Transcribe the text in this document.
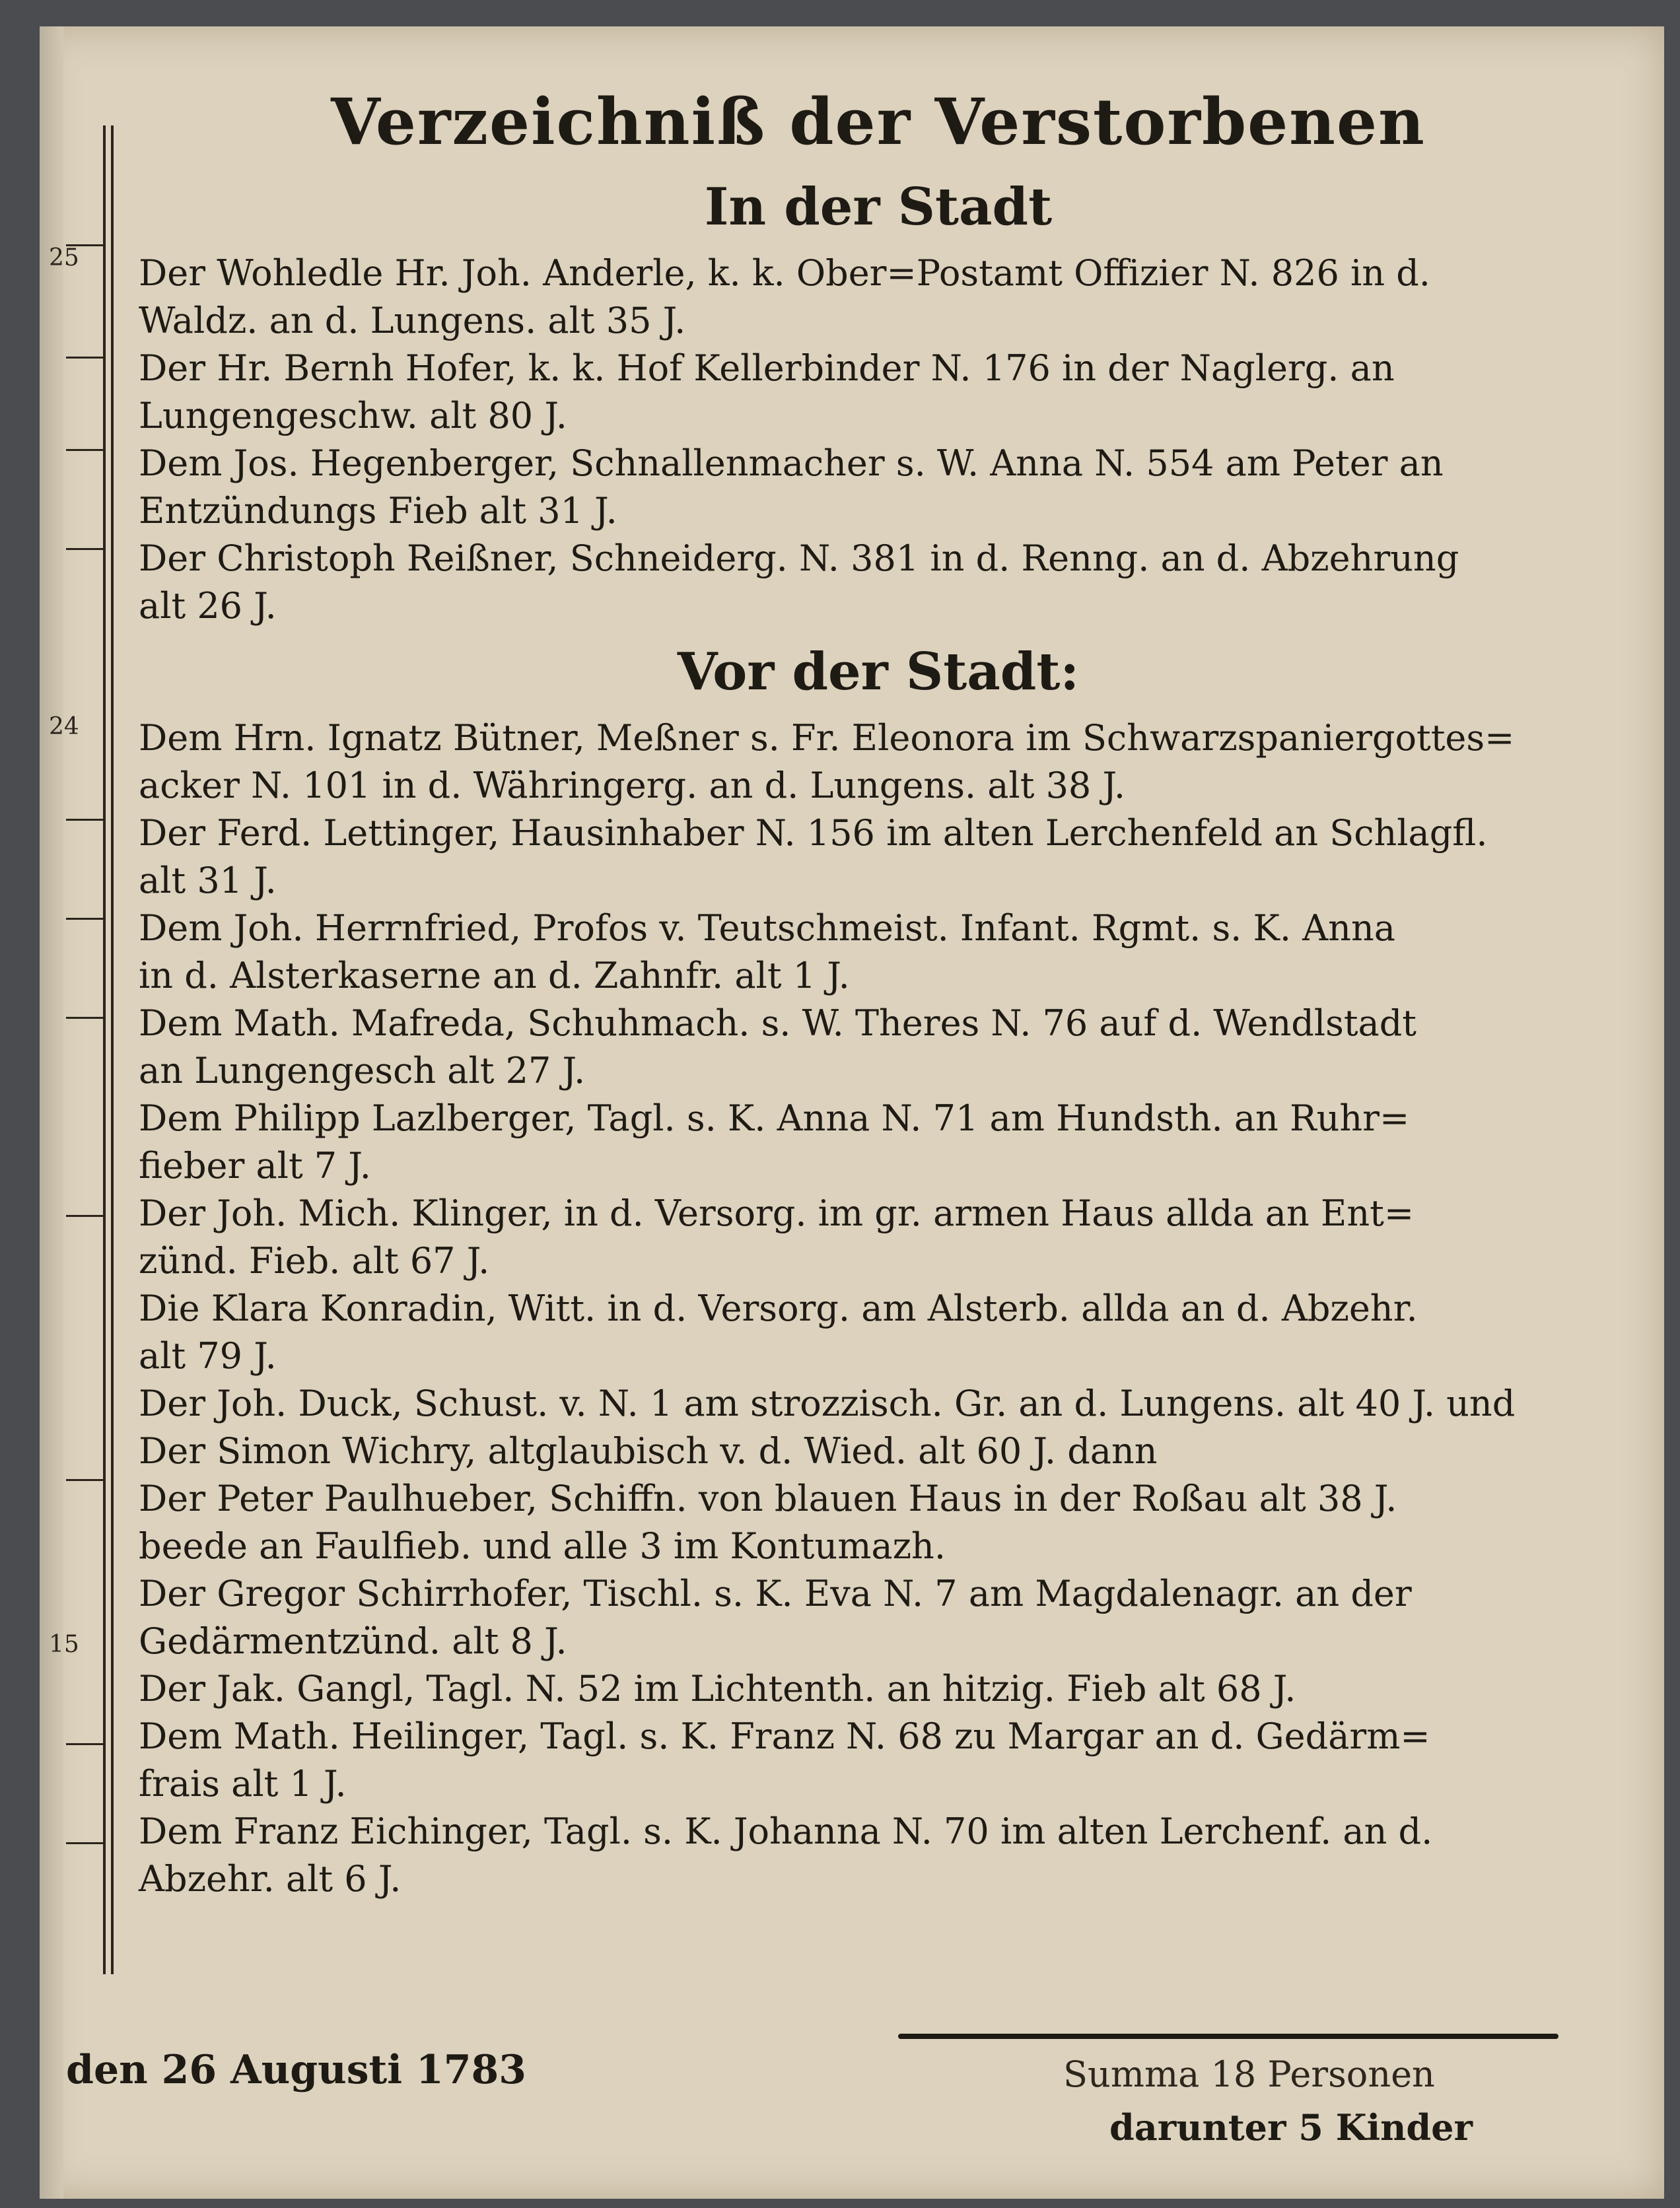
25
24
15
Verzeichniß der Verstorbenen
In der Stadt

Der Wohledle Hr. Joh. Anderle, k. k. Ober=Postamt Offizier N. 826 in d.
Waldz. an d. Lungens. alt 35 J.

Der Hr. Bernh Hofer, k. k. Hof Kellerbinder N. 176 in der Naglerg. an
Lungengeschw. alt 80 J.

Dem Jos. Hegenberger, Schnallenmacher s. W. Anna N. 554 am Peter an
Entzündungs Fieb alt 31 J.

Der Christoph Reißner, Schneiderg. N. 381 in d. Renng. an d. Abzehrung
alt 26 J.

Vor der Stadt:

Dem Hrn. Ignatz Bütner, Meßner s. Fr. Eleonora im Schwarzspaniergottes=
acker N. 101 in d. Währingerg. an d. Lungens. alt 38 J.

Der Ferd. Lettinger, Hausinhaber N. 156 im alten Lerchenfeld an Schlagfl.
alt 31 J.

Dem Joh. Herrnfried, Profos v. Teutschmeist. Infant. Rgmt. s. K. Anna
in d. Alsterkaserne an d. Zahnfr. alt 1 J.

Dem Math. Mafreda, Schuhmach. s. W. Theres N. 76 auf d. Wendlstadt
an Lungengesch alt 27 J.

Dem Philipp Lazlberger, Tagl. s. K. Anna N. 71 am Hundsth. an Ruhr=
fieber alt 7 J.

Der Joh. Mich. Klinger, in d. Versorg. im gr. armen Haus allda an Ent=
zünd. Fieb. alt 67 J.

Die Klara Konradin, Witt. in d. Versorg. am Alsterb. allda an d. Abzehr.
alt 79 J.

Der Joh. Duck, Schust. v. N. 1 am strozzisch. Gr. an d. Lungens. alt 40 J. und

Der Simon Wichry, altglaubisch v. d. Wied. alt 60 J. dann

Der Peter Paulhueber, Schiffn. von blauen Haus in der Roßau alt 38 J.
beede an Faulfieb. und alle 3 im Kontumazh.

Der Gregor Schirrhofer, Tischl. s. K. Eva N. 7 am Magdalenagr. an der
Gedärmentzünd. alt 8 J.

Der Jak. Gangl, Tagl. N. 52 im Lichtenth. an hitzig. Fieb alt 68 J.

Dem Math. Heilinger, Tagl. s. K. Franz N. 68 zu Margar an d. Gedärm=
frais alt 1 J.

Dem Franz Eichinger, Tagl. s. K. Johanna N. 70 im alten Lerchenf. an d.
Abzehr. alt 6 J.

den 26 Augusti 1783	Summa 18 Personen
darunter 5 Kinder
